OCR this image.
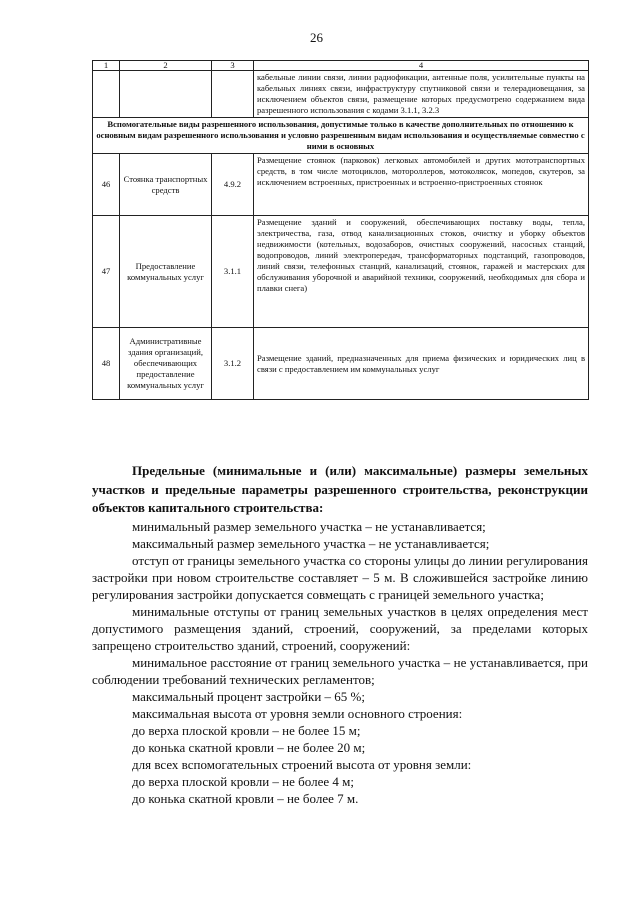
26
1	2	3	4
			кабельные линии связи, линии радиофикации, антенные поля, усилительные пункты на кабельных линиях связи, инфраструктуру спутниковой связи и телерадиовещания, за исключением объектов связи, размещение которых предусмотрено содержанием вида разрешенного использования с кодами 3.1.1, 3.2.3
Вспомогательные виды разрешенного использования, допустимые только в качестве дополнительных по отношению к основным видам разрешенного использования и условно разрешенным видам использования и осуществляемые совместно с ними в основных			
46	Стоянка транспортных средств	4.9.2	Размещение стоянок (парковок) легковых автомобилей и других мототранспортных средств, в том числе мотоциклов, мотороллеров, мотоколясок, мопедов, скутеров, за исключением встроенных, пристроенных и встроенно-пристроенных стоянок
47	Предоставление коммунальных услуг	3.1.1	Размещение зданий и сооружений, обеспечивающих поставку воды, тепла, электричества, газа, отвод канализационных стоков, очистку и уборку объектов недвижимости (котельных, водозаборов, очистных сооружений, насосных станций, водопроводов, линий электропередач, трансформаторных подстанций, газопроводов, линий связи, телефонных станций, канализаций, стоянок, гаражей и мастерских для обслуживания уборочной и аварийной техники, сооружений, необходимых для сбора и плавки снега)
48	Административные здания организаций, обеспечивающих предоставление коммунальных услуг	3.1.2	Размещение зданий, предназначенных для приема физических и юридических лиц в связи с предоставлением им коммунальных услуг

Предельные (минимальные и (или) максимальные) размеры земельных участков и предельные параметры разрешенного строительства, реконструкции объектов капитального строительства:

минимальный размер земельного участка – не устанавливается;

максимальный размер земельного участка – не устанавливается;

отступ от границы земельного участка со стороны улицы до линии регулирования застройки при новом строительстве составляет – 5 м. В сложившейся застройке линию регулирования застройки допускается совмещать с границей земельного участка;

минимальные отступы от границ земельных участков в целях определения мест допустимого размещения зданий, строений, сооружений, за пределами которых запрещено строительство зданий, строений, сооружений:

минимальное расстояние от границ земельного участка – не устанавливается, при соблюдении требований технических регламентов;

максимальный процент застройки – 65 %;

максимальная высота от уровня земли основного строения:

до верха плоской кровли – не более 15 м;

до конька скатной кровли – не более 20 м;

для всех вспомогательных строений высота от уровня земли:

до верха плоской кровли – не более 4 м;

до конька скатной кровли – не более 7 м.
